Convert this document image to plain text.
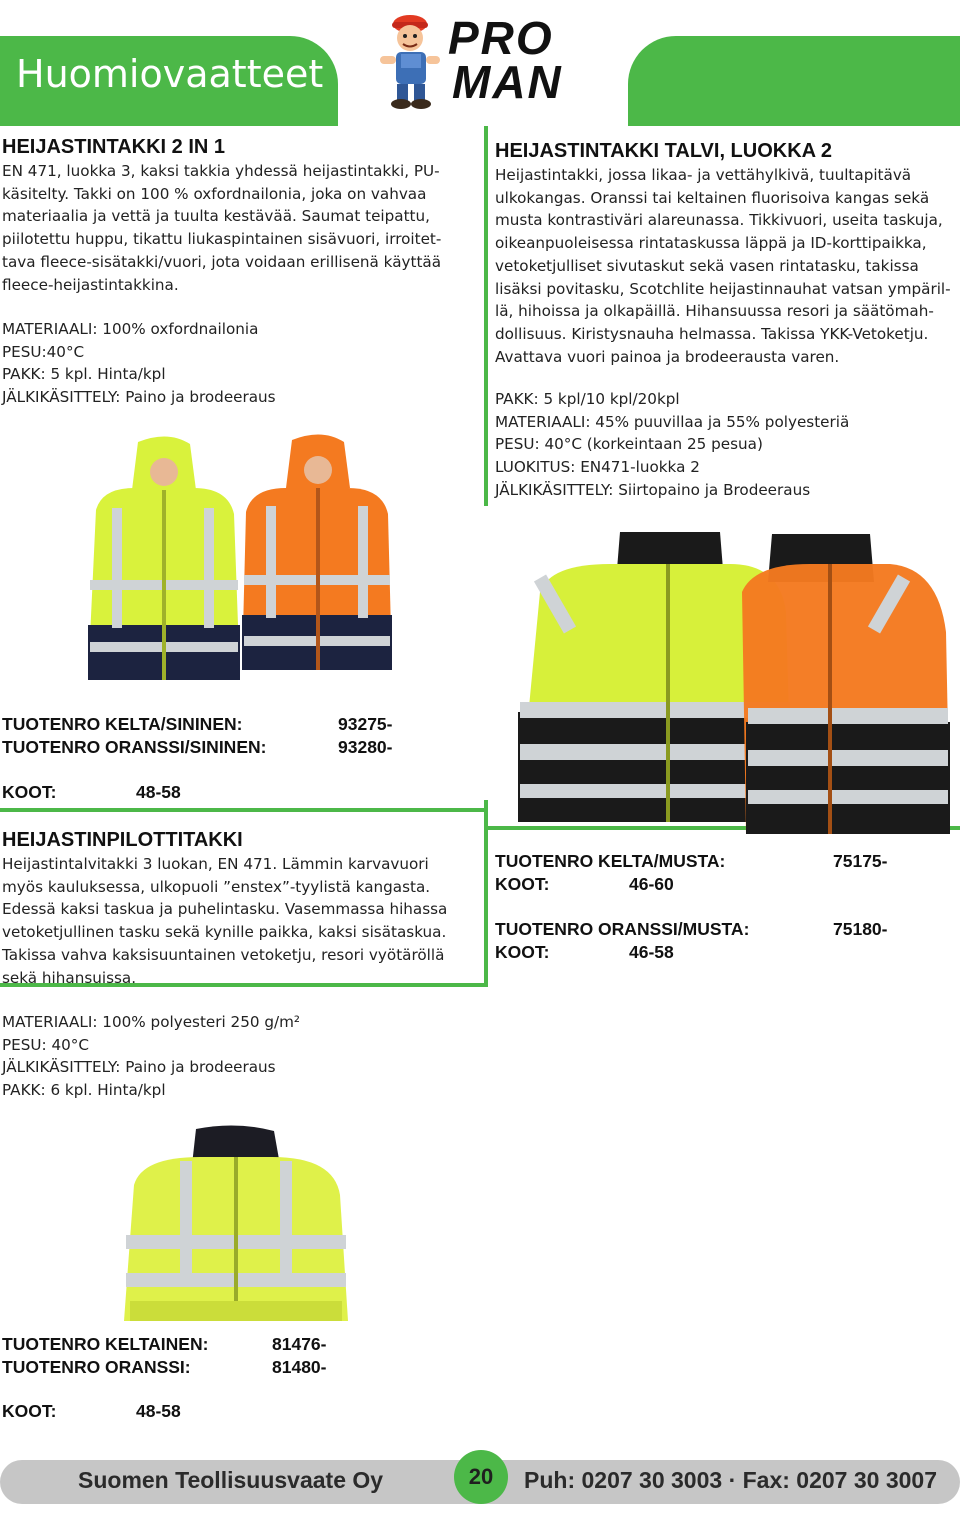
Huomiovaatteet
PRO
MAN
HEIJASTINTAKKI 2 IN 1

EN 471, luokka 3, kaksi takkia yhdessä heijastintakki, PU-

käsitelty. Takki on 100 % oxfordnailonia, joka on vahvaa

materiaalia ja vettä ja tuulta kestävää. Saumat teipattu,

piilotettu huppu, tikattu liukaspintainen sisävuori, irroitet-

tava fleece-sisätakki/vuori, jota voidaan erillisenä käyttää

fleece-heijastintakkina.

MATERIAALI: 100% oxfordnailonia

PESU:40°C

PAKK: 5 kpl. Hinta/kpl

JÄLKIKÄSITTELY: Paino ja brodeeraus

TUOTENRO KELTA/SININEN:	93275-
TUOTENRO ORANSSI/SININEN:	93280-
KOOT:	48-58
HEIJASTINTAKKI TALVI, LUOKKA 2

Heijastintakki, jossa likaa- ja vettähylkivä, tuultapitävä

ulkokangas. Oranssi tai keltainen fluorisoiva kangas sekä

musta kontrastiväri alareunassa. Tikkivuori, useita taskuja,

oikeanpuoleisessa rintataskussa läppä ja ID-korttipaikka,

vetoketjulliset sivutaskut sekä vasen rintatasku, takissa

lisäksi povitasku, Scotchlite heijastinnauhat vatsan ympäril-

lä, hihoissa ja olkapäillä. Hihansuussa resori ja säätömah-

dollisuus. Kiristysnauha helmassa. Takissa YKK-Vetoketju.

Avattava vuori painoa ja brodeerausta varen.

PAKK: 5 kpl/10 kpl/20kpl

MATERIAALI: 45% puuvillaa ja 55% polyesteriä

PESU: 40°C (korkeintaan 25 pesua)

LUOKITUS: EN471-luokka 2

JÄLKIKÄSITTELY: Siirtopaino ja Brodeeraus

TUOTENRO KELTA/MUSTA:	75175-
KOOT:	46-60
TUOTENRO ORANSSI/MUSTA:	75180-
KOOT:	46-58
HEIJASTINPILOTTITAKKI

Heijastintalvitakki 3 luokan, EN 471. Lämmin karvavuori

myös kauluksessa, ulkopuoli ”enstex”-tyylistä kangasta.

Edessä kaksi taskua ja puhelintasku. Vasemmassa hihassa

vetoketjullinen tasku sekä kynille paikka, kaksi sisätaskua.

Takissa vahva kaksisuuntainen vetoketju, resori vyötäröllä

sekä hihansuissa.

MATERIAALI: 100% polyesteri 250 g/m²

PESU: 40°C

JÄLKIKÄSITTELY: Paino ja brodeeraus

PAKK: 6 kpl. Hinta/kpl

TUOTENRO KELTAINEN:	81476-
TUOTENRO ORANSSI:	81480-
KOOT:	48-58
Suomen Teollisuusvaate Oy	20 Puh: 0207 30 3003 · Fax: 0207 30 3007
